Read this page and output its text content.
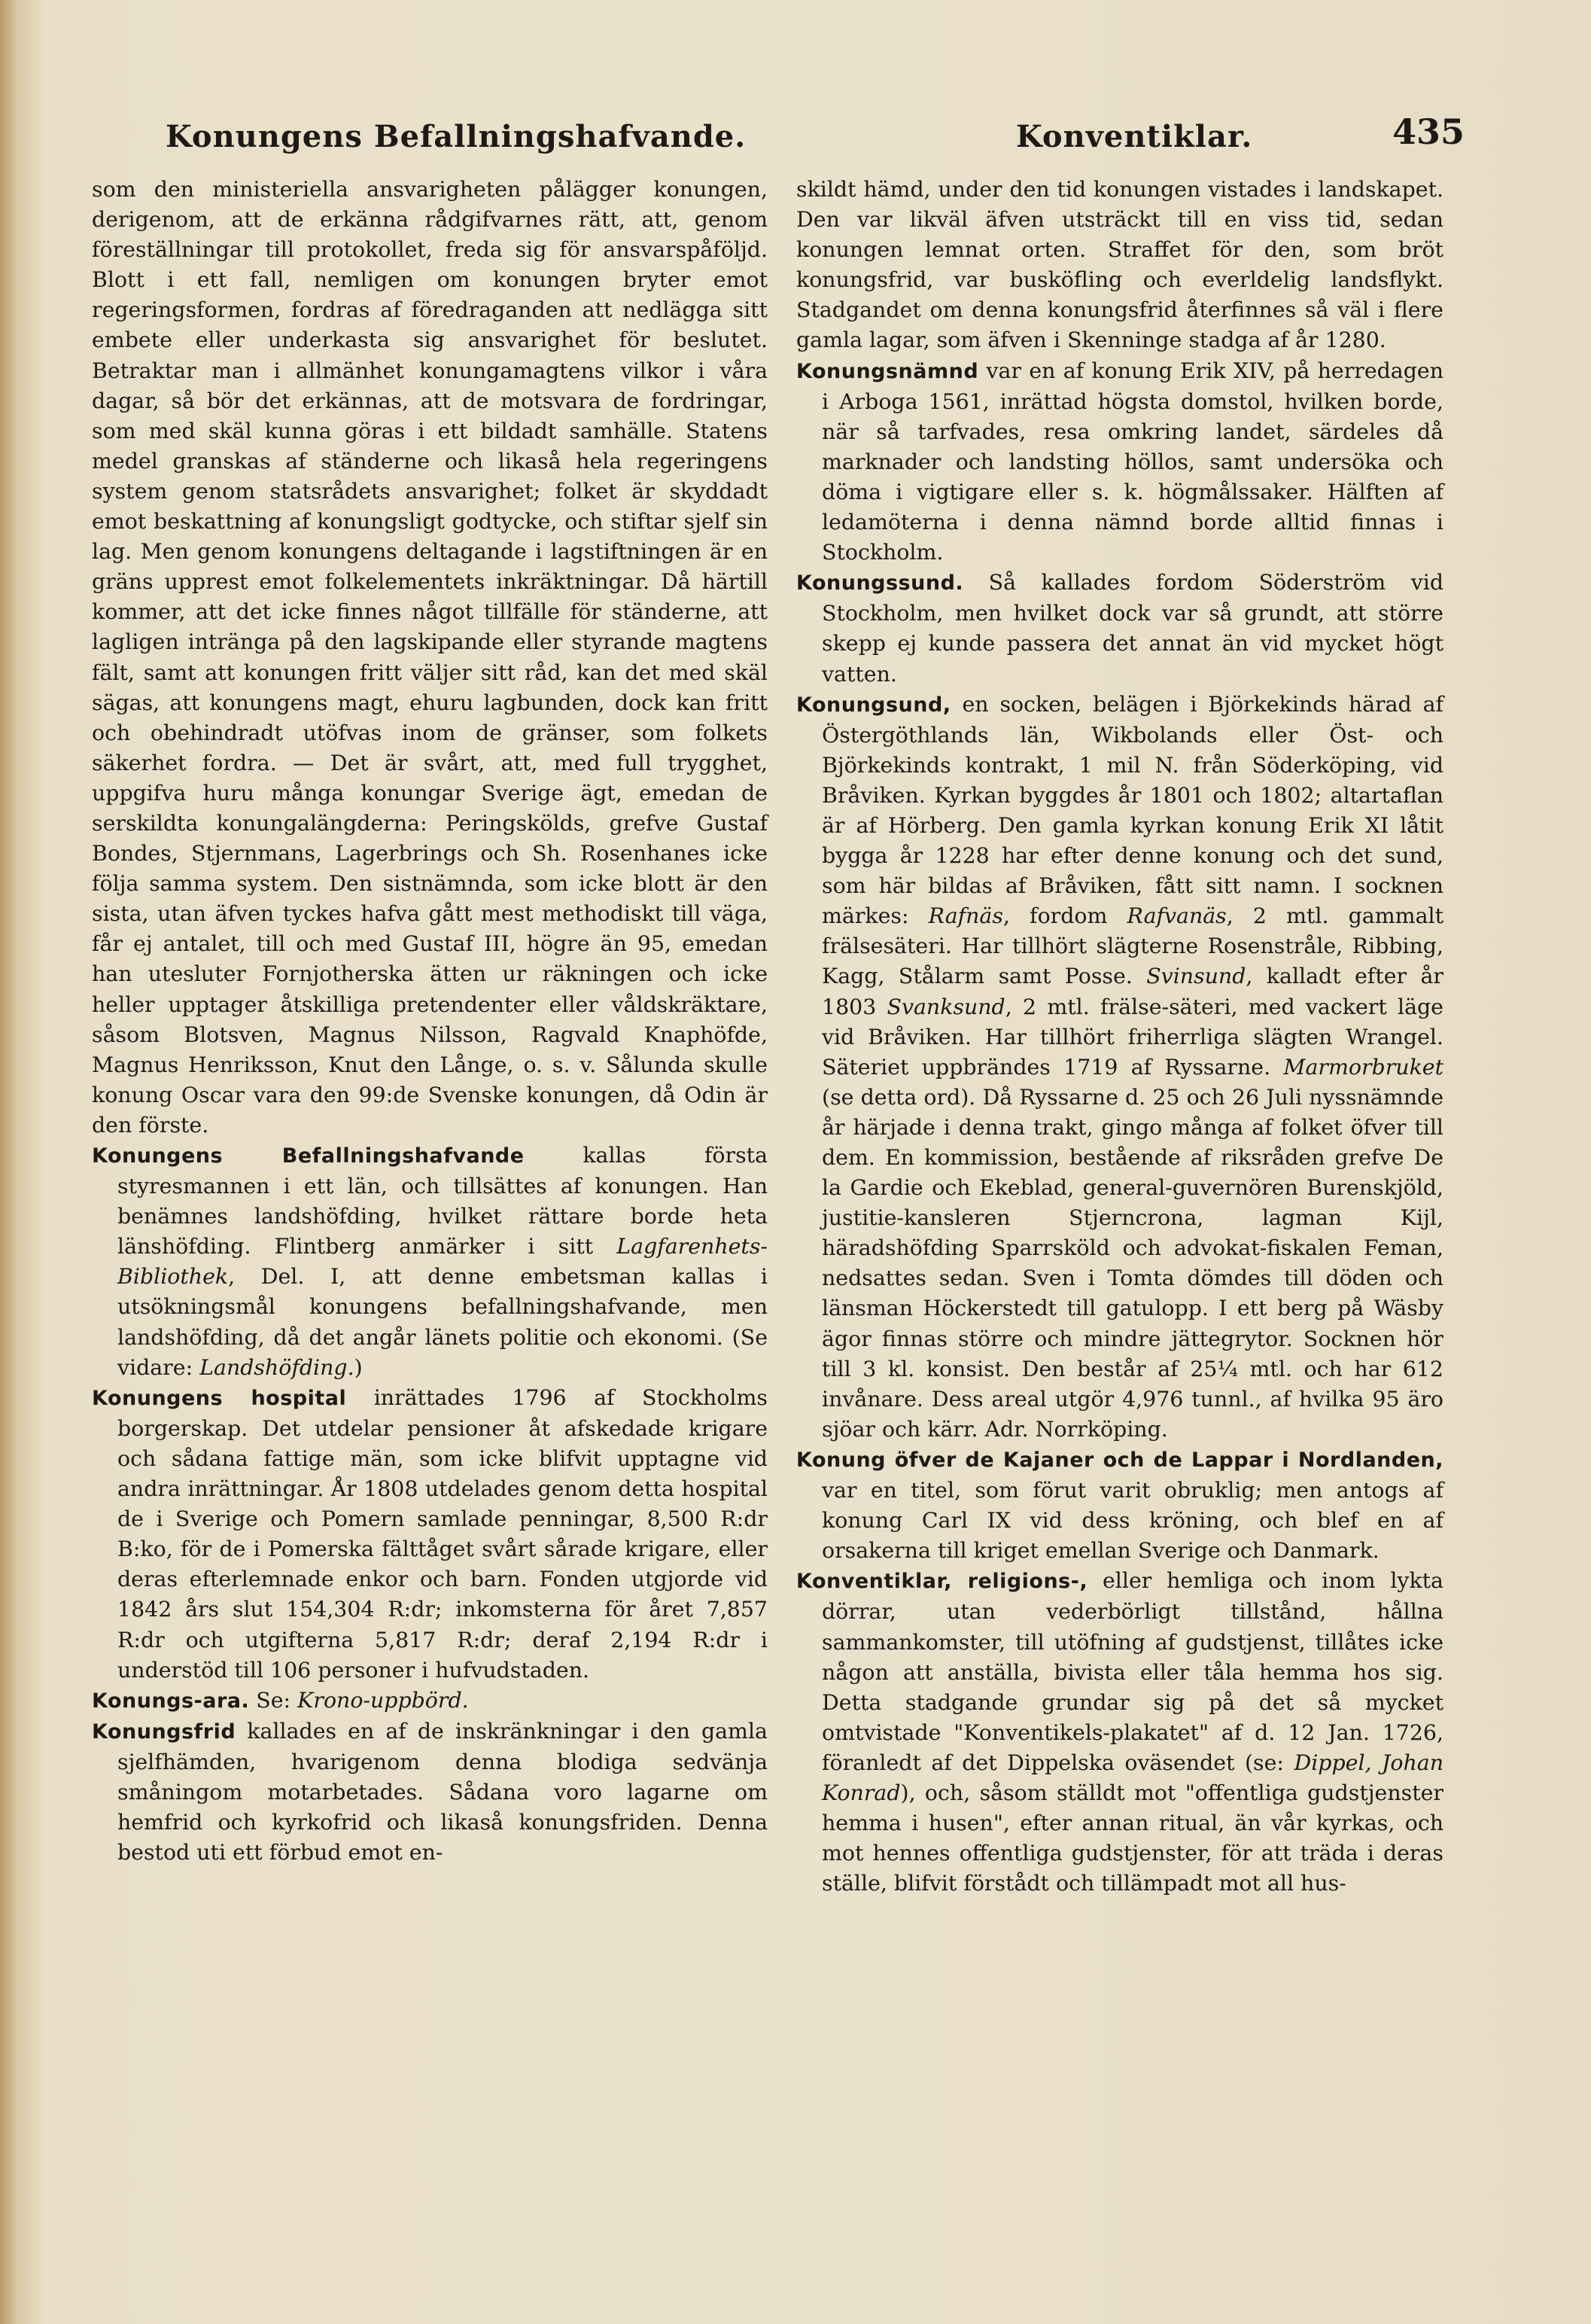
Konungens Befallningshafvande.	Konventiklar.	435

som den ministeriella ansvarigheten pålägger konungen, derigenom, att de erkänna rådgifvarnes rätt, att, genom föreställningar till protokollet, freda sig för ansvarspåföljd. Blott i ett fall, nemligen om konungen bryter emot regeringsformen, fordras af föredraganden att nedlägga sitt embete eller underkasta sig ansvarighet för beslutet. Betraktar man i allmänhet konungamagtens vilkor i våra dagar, så bör det erkännas, att de motsvara de fordringar, som med skäl kunna göras i ett bildadt samhälle. Statens medel granskas af ständerne och likaså hela regeringens system genom statsrådets ansvarighet; folket är skyddadt emot beskattning af konungsligt godtycke, och stiftar sjelf sin lag. Men genom konungens deltagande i lagstiftningen är en gräns upprest emot folkelementets inkräktningar. Då härtill kommer, att det icke finnes något tillfälle för ständerne, att lagligen intränga på den lagskipande eller styrande magtens fält, samt att konungen fritt väljer sitt råd, kan det med skäl sägas, att konungens magt, ehuru lagbunden, dock kan fritt och obehindradt utöfvas inom de gränser, som folkets säkerhet fordra. — Det är svårt, att, med full trygghet, uppgifva huru många konungar Sverige ägt, emedan de serskildta konungalängderna: Peringskölds, grefve Gustaf Bondes, Stjernmans, Lagerbrings och Sh. Rosenhanes icke följa samma system. Den sistnämnda, som icke blott är den sista, utan äfven tyckes hafva gått mest methodiskt till väga, får ej antalet, till och med Gustaf III, högre än 95, emedan han utesluter Fornjotherska ätten ur räkningen och icke heller upptager åtskilliga pretendenter eller våldskräktare, såsom Blotsven, Magnus Nilsson, Ragvald Knaphöfde, Magnus Henriksson, Knut den Långe, o. s. v. Sålunda skulle konung Oscar vara den 99:de Svenske konungen, då Odin är den förste.

Konungens Befallningshafvande kallas första styresmannen i ett län, och tillsättes af konungen. Han benämnes landshöfding, hvilket rättare borde heta länshöfding. Flintberg anmärker i sitt Lagfarenhets-Bibliothek, Del. I, att denne embetsman kallas i utsökningsmål konungens befallningshafvande, men landshöfding, då det angår länets politie och ekonomi. (Se vidare: Landshöfding.)

Konungens hospital inrättades 1796 af Stockholms borgerskap. Det utdelar pensioner åt afskedade krigare och sådana fattige män, som icke blifvit upptagne vid andra inrättningar. År 1808 utdelades genom detta hospital de i Sverige och Pomern samlade penningar, 8,500 R:dr B:ko, för de i Pomerska fälttåget svårt sårade krigare, eller deras efterlemnade enkor och barn. Fonden utgjorde vid 1842 års slut 154,304 R:dr; inkomsterna för året 7,857 R:dr och utgifterna 5,817 R:dr; deraf 2,194 R:dr i understöd till 106 personer i hufvudstaden.

Konungs-ara. Se: Krono-uppbörd.

Konungsfrid kallades en af de inskränkningar i den gamla sjelfhämden, hvarigenom denna blodiga sedvänja småningom motarbetades. Sådana voro lagarne om hemfrid och kyrkofrid och likaså konungsfriden. Denna bestod uti ett förbud emot en-

skildt hämd, under den tid konungen vistades i landskapet. Den var likväl äfven utsträckt till en viss tid, sedan konungen lemnat orten. Straffet för den, som bröt konungsfrid, var busköfling och everldelig landsflykt. Stadgandet om denna konungsfrid återfinnes så väl i flere gamla lagar, som äfven i Skenninge stadga af år 1280.

Konungsnämnd var en af konung Erik XIV, på herredagen i Arboga 1561, inrättad högsta domstol, hvilken borde, när så tarfvades, resa omkring landet, särdeles då marknader och landsting höllos, samt undersöka och döma i vigtigare eller s. k. högmålssaker. Hälften af ledamöterna i denna nämnd borde alltid finnas i Stockholm.

Konungssund. Så kallades fordom Söderström vid Stockholm, men hvilket dock var så grundt, att större skepp ej kunde passera det annat än vid mycket högt vatten.

Konungsund, en socken, belägen i Björkekinds härad af Östergöthlands län, Wikbolands eller Öst- och Björkekinds kontrakt, 1 mil N. från Söderköping, vid Bråviken. Kyrkan byggdes år 1801 och 1802; altartaflan är af Hörberg. Den gamla kyrkan konung Erik XI låtit bygga år 1228 har efter denne konung och det sund, som här bildas af Bråviken, fått sitt namn. I socknen märkes: Rafnäs, fordom Rafvanäs, 2 mtl. gammalt frälsesäteri. Har tillhört slägterne Rosenstråle, Ribbing, Kagg, Stålarm samt Posse. Svinsund, kalladt efter år 1803 Svanksund, 2 mtl. frälse-säteri, med vackert läge vid Bråviken. Har tillhört friherrliga slägten Wrangel. Säteriet uppbrändes 1719 af Ryssarne. Marmorbruket (se detta ord). Då Ryssarne d. 25 och 26 Juli nyssnämnde år härjade i denna trakt, gingo många af folket öfver till dem. En kommission, bestående af riksråden grefve De la Gardie och Ekeblad, general-guvernören Burenskjöld, justitie-kansleren Stjerncrona, lagman Kijl, häradshöfding Sparrsköld och advokat-fiskalen Feman, nedsattes sedan. Sven i Tomta dömdes till döden och länsman Höckerstedt till gatulopp. I ett berg på Wäsby ägor finnas större och mindre jättegrytor. Socknen hör till 3 kl. konsist. Den består af 25¼ mtl. och har 612 invånare. Dess areal utgör 4,976 tunnl., af hvilka 95 äro sjöar och kärr. Adr. Norrköping.

Konung öfver de Kajaner och de Lappar i Nordlanden, var en titel, som förut varit obruklig; men antogs af konung Carl IX vid dess kröning, och blef en af orsakerna till kriget emellan Sverige och Danmark.

Konventiklar, religions-, eller hemliga och inom lykta dörrar, utan vederbörligt tillstånd, hållna sammankomster, till utöfning af gudstjenst, tillåtes icke någon att anställa, bivista eller tåla hemma hos sig. Detta stadgande grundar sig på det så mycket omtvistade "Konventikels-plakatet" af d. 12 Jan. 1726, föranledt af det Dippelska oväsendet (se: Dippel, Johan Konrad), och, såsom ställdt mot "offentliga gudstjenster hemma i husen", efter annan ritual, än vår kyrkas, och mot hennes offentliga gudstjenster, för att träda i deras ställe, blifvit förstådt och tillämpadt mot all hus-
